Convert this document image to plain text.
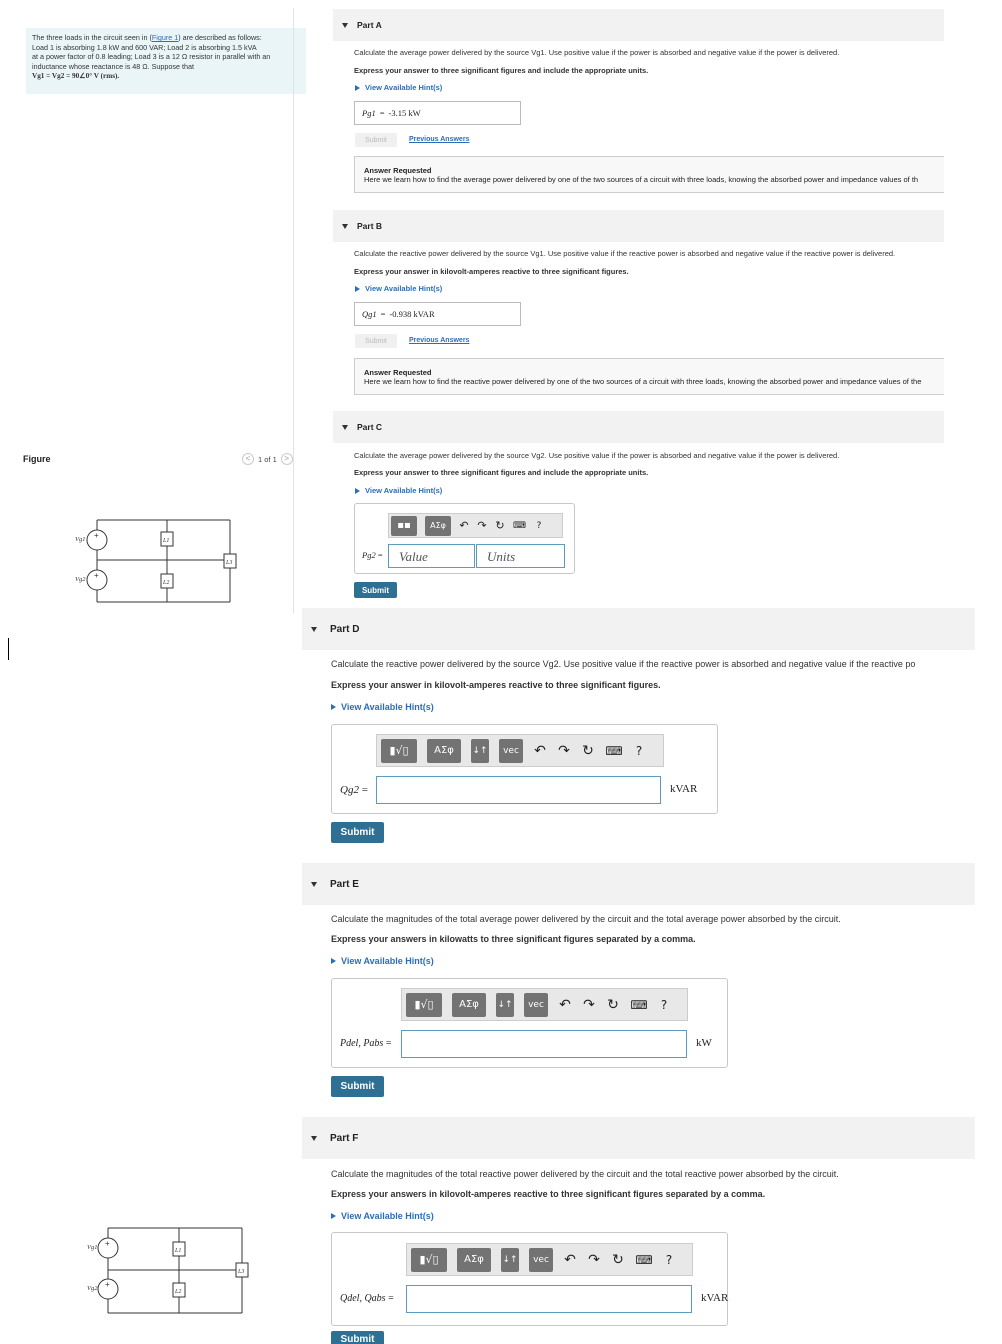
The three loads in the circuit seen in (Figure 1) are described as follows:
Load 1 is absorbing 1.8 kW and 600 VAR; Load 2 is absorbing 1.5 kVA
at a power factor of 0.8 leading; Load 3 is a 12 Ω resistor in parallel with an
inductance whose reactance is 48 Ω. Suppose that
Vg1 = Vg2 = 90∠0° V (rms).
Figure	<	1 of 1 >
+
+
Vg1
Vg2
L1
L2
L3
Part A
Calculate the average power delivered by the source Vg1. Use positive value if the power is absorbed and negative value if the power is delivered.
Express your answer to three significant figures and include the appropriate units.
View Available Hint(s)
Pg1 = -3.15 kW
Submit	Previous Answers
Answer Requested
Here we learn how to find the average power delivered by one of the two sources of a circuit with three loads, knowing the absorbed power and impedance values of th
Part B
Calculate the reactive power delivered by the source Vg1. Use positive value if the reactive power is absorbed and negative value if the reactive power is delivered.
Express your answer in kilovolt-amperes reactive to three significant figures.
View Available Hint(s)
Qg1 = -0.938 kVAR
Submit	Previous Answers
Answer Requested
Here we learn how to find the reactive power delivered by one of the two sources of a circuit with three loads, knowing the absorbed power and impedance values of the
Part C
Calculate the average power delivered by the source Vg2. Use positive value if the power is absorbed and negative value if the power is delivered.
Express your answer to three significant figures and include the appropriate units.
View Available Hint(s)
▪▪	ΑΣφ	↶ ↷ ↻ ⌨ ?
Pg2 =	Value	Units
Submit
Part D
Calculate the reactive power delivered by the source Vg2. Use positive value if the reactive power is absorbed and negative value if the reactive po
Express your answer in kilovolt-amperes reactive to three significant figures.
View Available Hint(s)
▮√▯	ΑΣφ	↓↑	vec ↶ ↷ ↻ ⌨ ?
Qg2 =	kVAR
Submit
Part E
Calculate the magnitudes of the total average power delivered by the circuit and the total average power absorbed by the circuit.
Express your answers in kilowatts to three significant figures separated by a comma.
View Available Hint(s)
▮√▯	ΑΣφ	↓↑	vec ↶ ↷ ↻ ⌨ ?
Pdel, Pabs =	kW
Submit
Part F
+
+
Vg1
Vg2
L1
L2
L3
Calculate the magnitudes of the total reactive power delivered by the circuit and the total reactive power absorbed by the circuit.
Express your answers in kilovolt-amperes reactive to three significant figures separated by a comma.
View Available Hint(s)
▮√▯	ΑΣφ	↓↑	vec ↶ ↷ ↻ ⌨ ?
Qdel, Qabs =	kVAR
Submit
